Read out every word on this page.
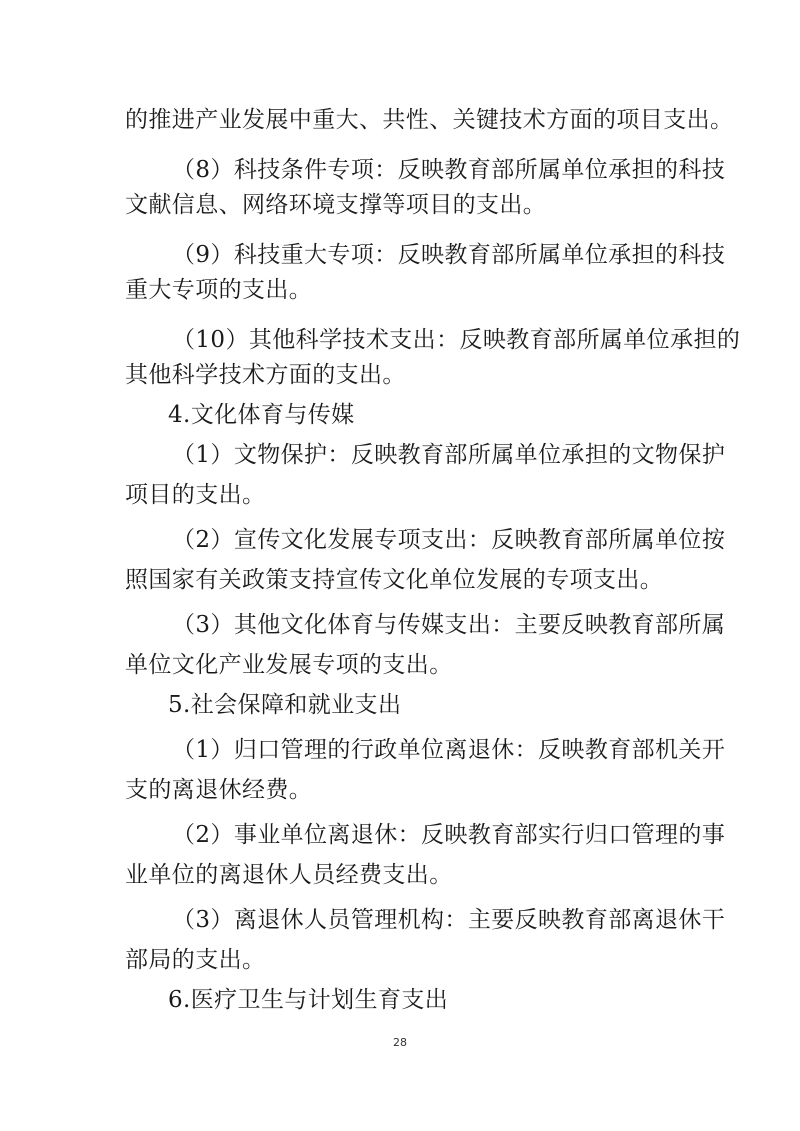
的推进产业发展中重大、共性、关键技术方面的项目支出。
（8）科技条件专项：反映教育部所属单位承担的科技
文献信息、网络环境支撑等项目的支出。
（9）科技重大专项：反映教育部所属单位承担的科技
重大专项的支出。
（10）其他科学技术支出：反映教育部所属单位承担的
其他科学技术方面的支出。
4.文化体育与传媒
（1）文物保护：反映教育部所属单位承担的文物保护
项目的支出。
（2）宣传文化发展专项支出：反映教育部所属单位按
照国家有关政策支持宣传文化单位发展的专项支出。
（3）其他文化体育与传媒支出：主要反映教育部所属
单位文化产业发展专项的支出。
5.社会保障和就业支出
（1）归口管理的行政单位离退休：反映教育部机关开
支的离退休经费。
（2）事业单位离退休：反映教育部实行归口管理的事
业单位的离退休人员经费支出。
（3）离退休人员管理机构：主要反映教育部离退休干
部局的支出。
6.医疗卫生与计划生育支出
28
